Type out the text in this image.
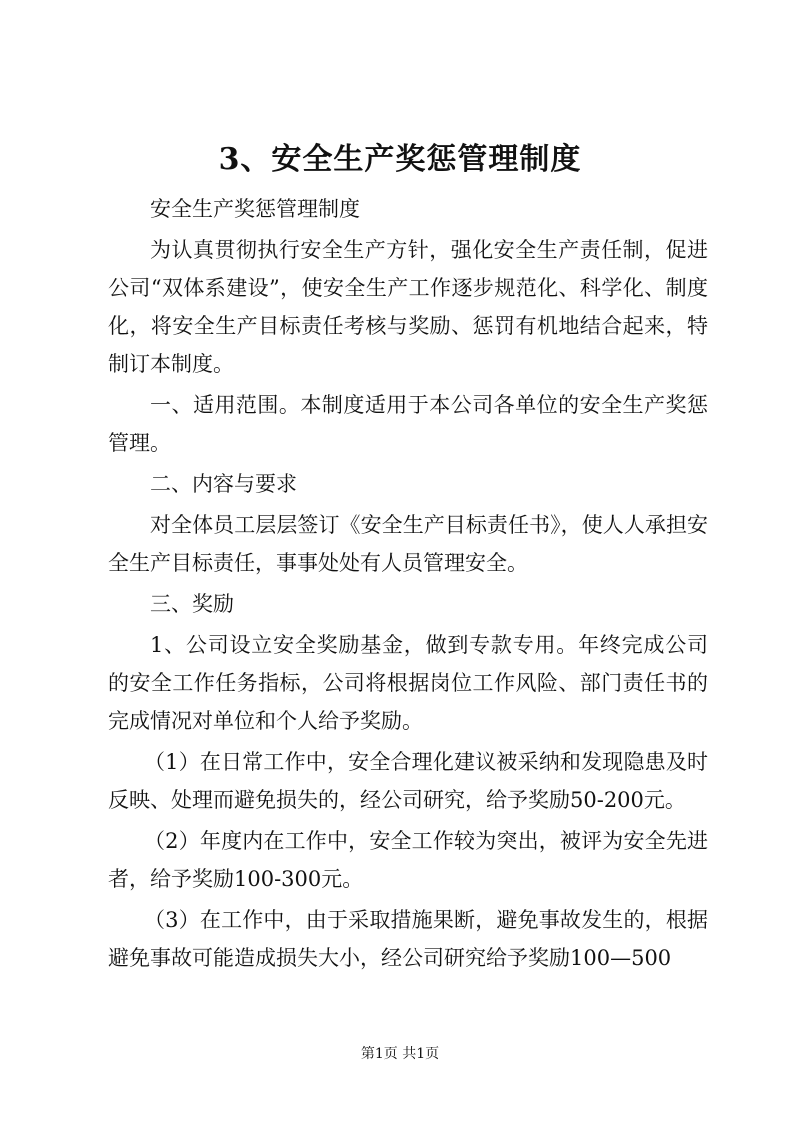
3、安全生产奖惩管理制度

安全生产奖惩管理制度

为认真贯彻执行安全生产方针，强化安全生产责任制，促进公司“双体系建设”，使安全生产工作逐步规范化、科学化、制度化，将安全生产目标责任考核与奖励、惩罚有机地结合起来，特制订本制度。

一、适用范围。本制度适用于本公司各单位的安全生产奖惩管理。

二、内容与要求

对全体员工层层签订《安全生产目标责任书》，使人人承担安全生产目标责任，事事处处有人员管理安全。

三、奖励

1、公司设立安全奖励基金，做到专款专用。年终完成公司的安全工作任务指标，公司将根据岗位工作风险、部门责任书的完成情况对单位和个人给予奖励。

（1）在日常工作中，安全合理化建议被采纳和发现隐患及时反映、处理而避免损失的，经公司研究，给予奖励50-200元。

（2）年度内在工作中，安全工作较为突出，被评为安全先进者，给予奖励100-300元。

（3）在工作中，由于采取措施果断，避免事故发生的，根据避免事故可能造成损失大小，经公司研究给予奖励100—500

第1页 共1页
